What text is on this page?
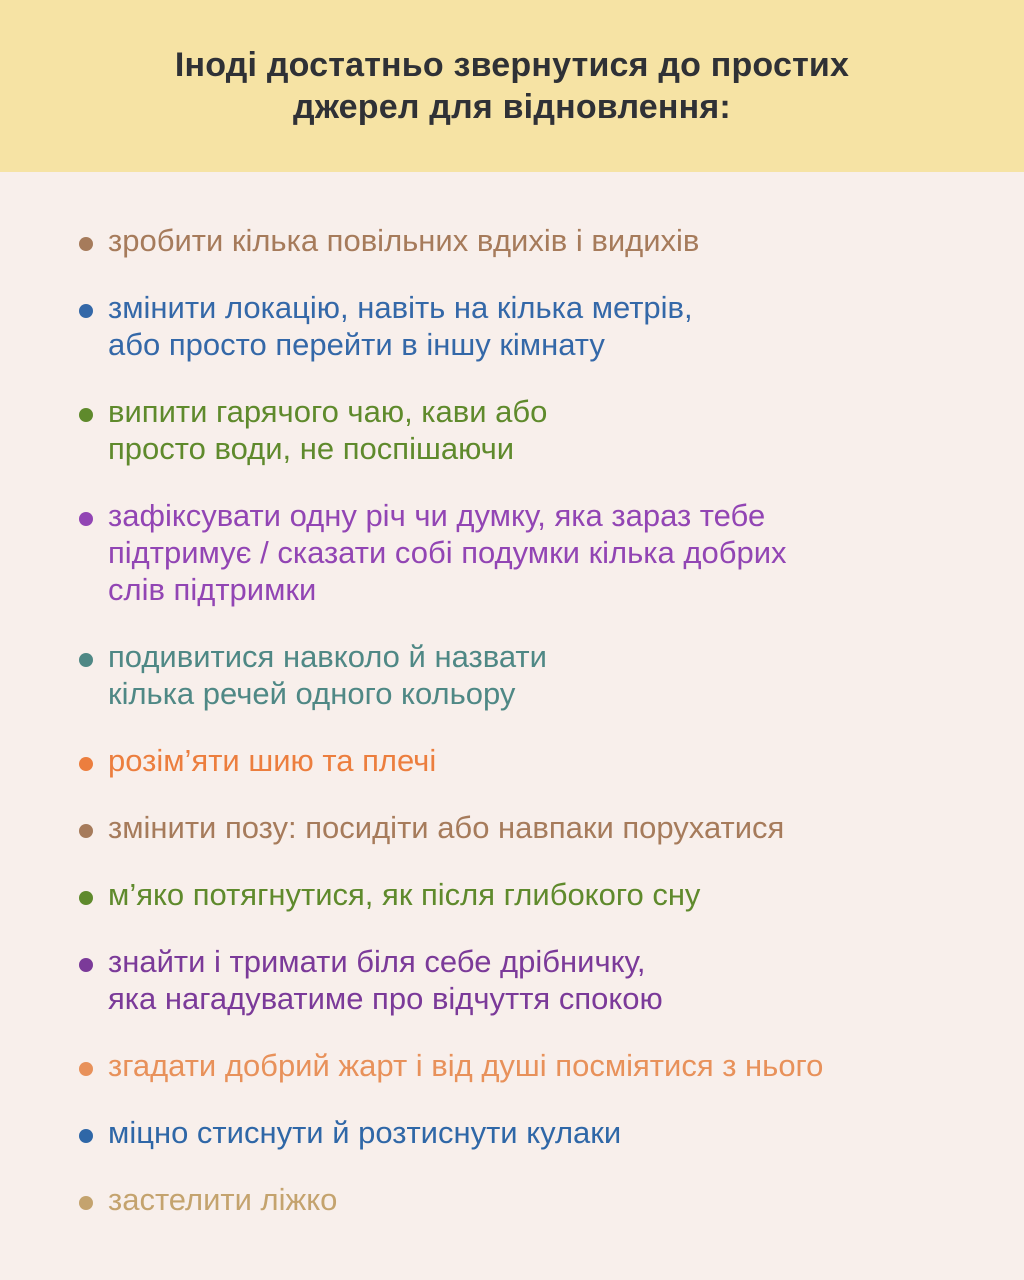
Іноді достатньо звернутися до простих
джерел для відновлення:
зробити кілька повільних вдихів і видихів
змінити локацію, навіть на кілька метрів,
або просто перейти в іншу кімнату
випити гарячого чаю, кави або
просто води, не поспішаючи
зафіксувати одну річ чи думку, яка зараз тебе
підтримує / сказати собі подумки кілька добрих
слів підтримки
подивитися навколо й назвати
кілька речей одного кольору
розім’яти шию та плечі
змінити позу: посидіти або навпаки порухатися
м’яко потягнутися, як після глибокого сну
знайти і тримати біля себе дрібничку,
яка нагадуватиме про відчуття спокою
згадати добрий жарт і від душі посміятися з нього
міцно стиснути й розтиснути кулаки
застелити ліжко
